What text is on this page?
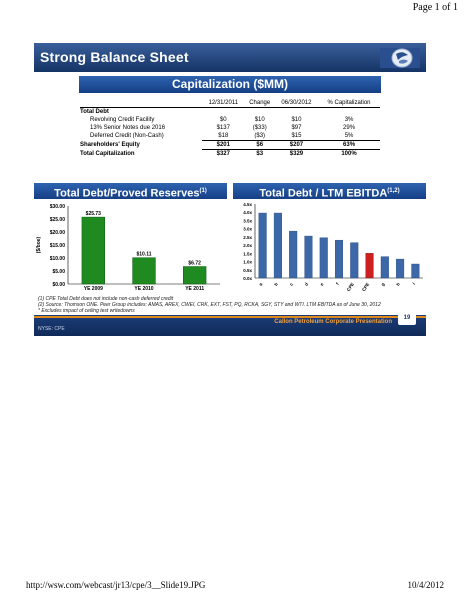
Page 1 of 1
Strong Balance Sheet
Capitalization ($MM)
	12/31/2011	Change	06/30/2012	% Capitalization
Total Debt				
Revolving Credit Facility	$0	$10	$10	3%
13% Senior Notes due 2016	$137	($33)	$97	29%
Deferred Credit (Non-Cash)	$18	($3)	$15	5%
Shareholders' Equity	$201	$6	$207	63%
Total Capitalization	$327	$3	$329	100%
Total Debt/Proved Reserves$^{(1)}$	Total Debt / LTM EBITDA$^{(1,2)}$
$0.00
$5.00
$10.00
$15.00
$20.00
$25.00
$30.00
($/boe)
$25.73
YE 2009
$10.11
YE 2010
$6.72
YE 2011
0.0x
0.5x
1.0x
1.5x
2.0x
2.5x
3.0x
3.5x
4.0x
4.5x
a b c d e f CPE CPE g h i
(1) CPE Total Debt does not include non-cash deferred credit
(2) Source: Thomson ONE. Peer Group includes: AMAS, AREX, CWEI, CRK, EXT, FST, PQ, RCKA, SGY, STY and WTI. LTM EBITDA as of June 30, 2012
* Excludes impact of ceiling test writedowns
NYSE: CPE
Callon Petroleum Corporate Presentation
19
http://wsw.com/webcast/jr13/cpe/3__Slide19.JPG	10/4/2012
